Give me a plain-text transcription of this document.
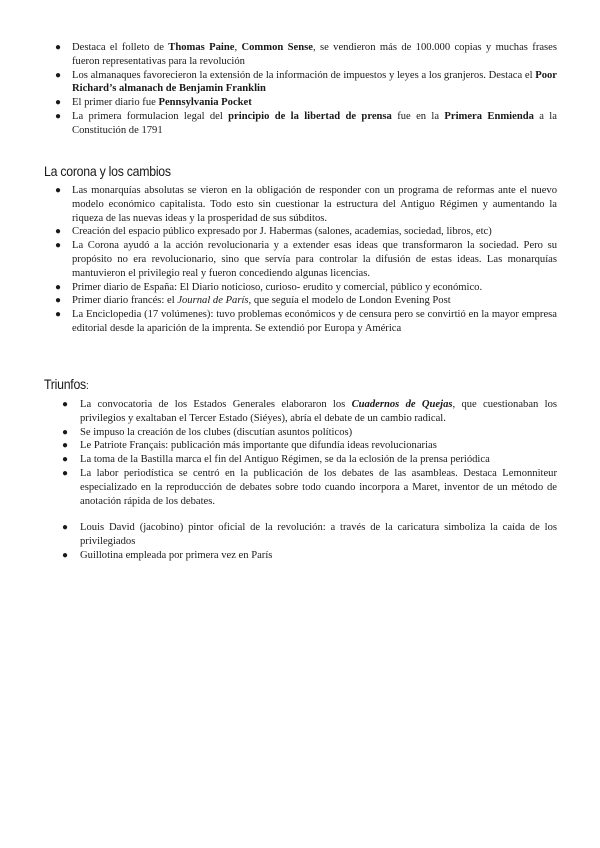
● Destaca el folleto de Thomas Paine, Common Sense, se vendieron más de 100.000 copias y muchas frases fueron representativas para la revolución
● Los almanaques favorecieron la extensión de la información de impuestos y leyes a los granjeros. Destaca el Poor Richard’s almanach de Benjamin Franklin
● El primer diario fue Pennsylvania Pocket
● La primera formulacion legal del principio de la libertad de prensa fue en la Primera Enmienda a la Constitución de 1791
La corona y los cambios
● Las monarquías absolutas se vieron en la obligación de responder con un programa de reformas ante el nuevo modelo económico capitalista. Todo esto sin cuestionar la estructura del Antiguo Régimen y aumentando la riqueza de las nuevas ideas y la prosperidad de sus súbditos.
● Creación del espacio público expresado por J. Habermas (salones, academias, sociedad, libros, etc)
● La Corona ayudó a la acción revolucionaria y a extender esas ideas que transformaron la sociedad. Pero su propósito no era revolucionario, sino que servía para controlar la difusión de estas ideas. Las monarquías mantuvieron el privilegio real y fueron concediendo algunas licencias.
● Primer diario de España: El Diario noticioso, curioso- erudito y comercial, público y económico.
● Primer diario francés: el Journal de París, que seguía el modelo de London Evening Post
● La Enciclopedia (17 volúmenes): tuvo problemas económicos y de censura pero se convirtió en la mayor empresa editorial desde la aparición de la imprenta. Se extendió por Europa y América
Triunfos:
● La convocatoria de los Estados Generales elaboraron los Cuadernos de Quejas, que cuestionaban los privilegios y exaltaban el Tercer Estado (Siéyes), abría el debate de un cambio radical.
● Se impuso la creación de los clubes (discutían asuntos políticos)
● Le Patriote Français: publicación más importante que difundía ideas revolucionarias
● La toma de la Bastilla marca el fin del Antiguo Régimen, se da la eclosión de la prensa periódica
● La labor periodística se centró en la publicación de los debates de las asambleas. Destaca Lemonniteur especializado en la reproducción de debates sobre todo cuando incorpora a Maret, inventor de un método de anotación rápida de los debates.
● Louis David (jacobino) pintor oficial de la revolución: a través de la caricatura simboliza la caída de los privilegiados
● Guillotina empleada por primera vez en París
